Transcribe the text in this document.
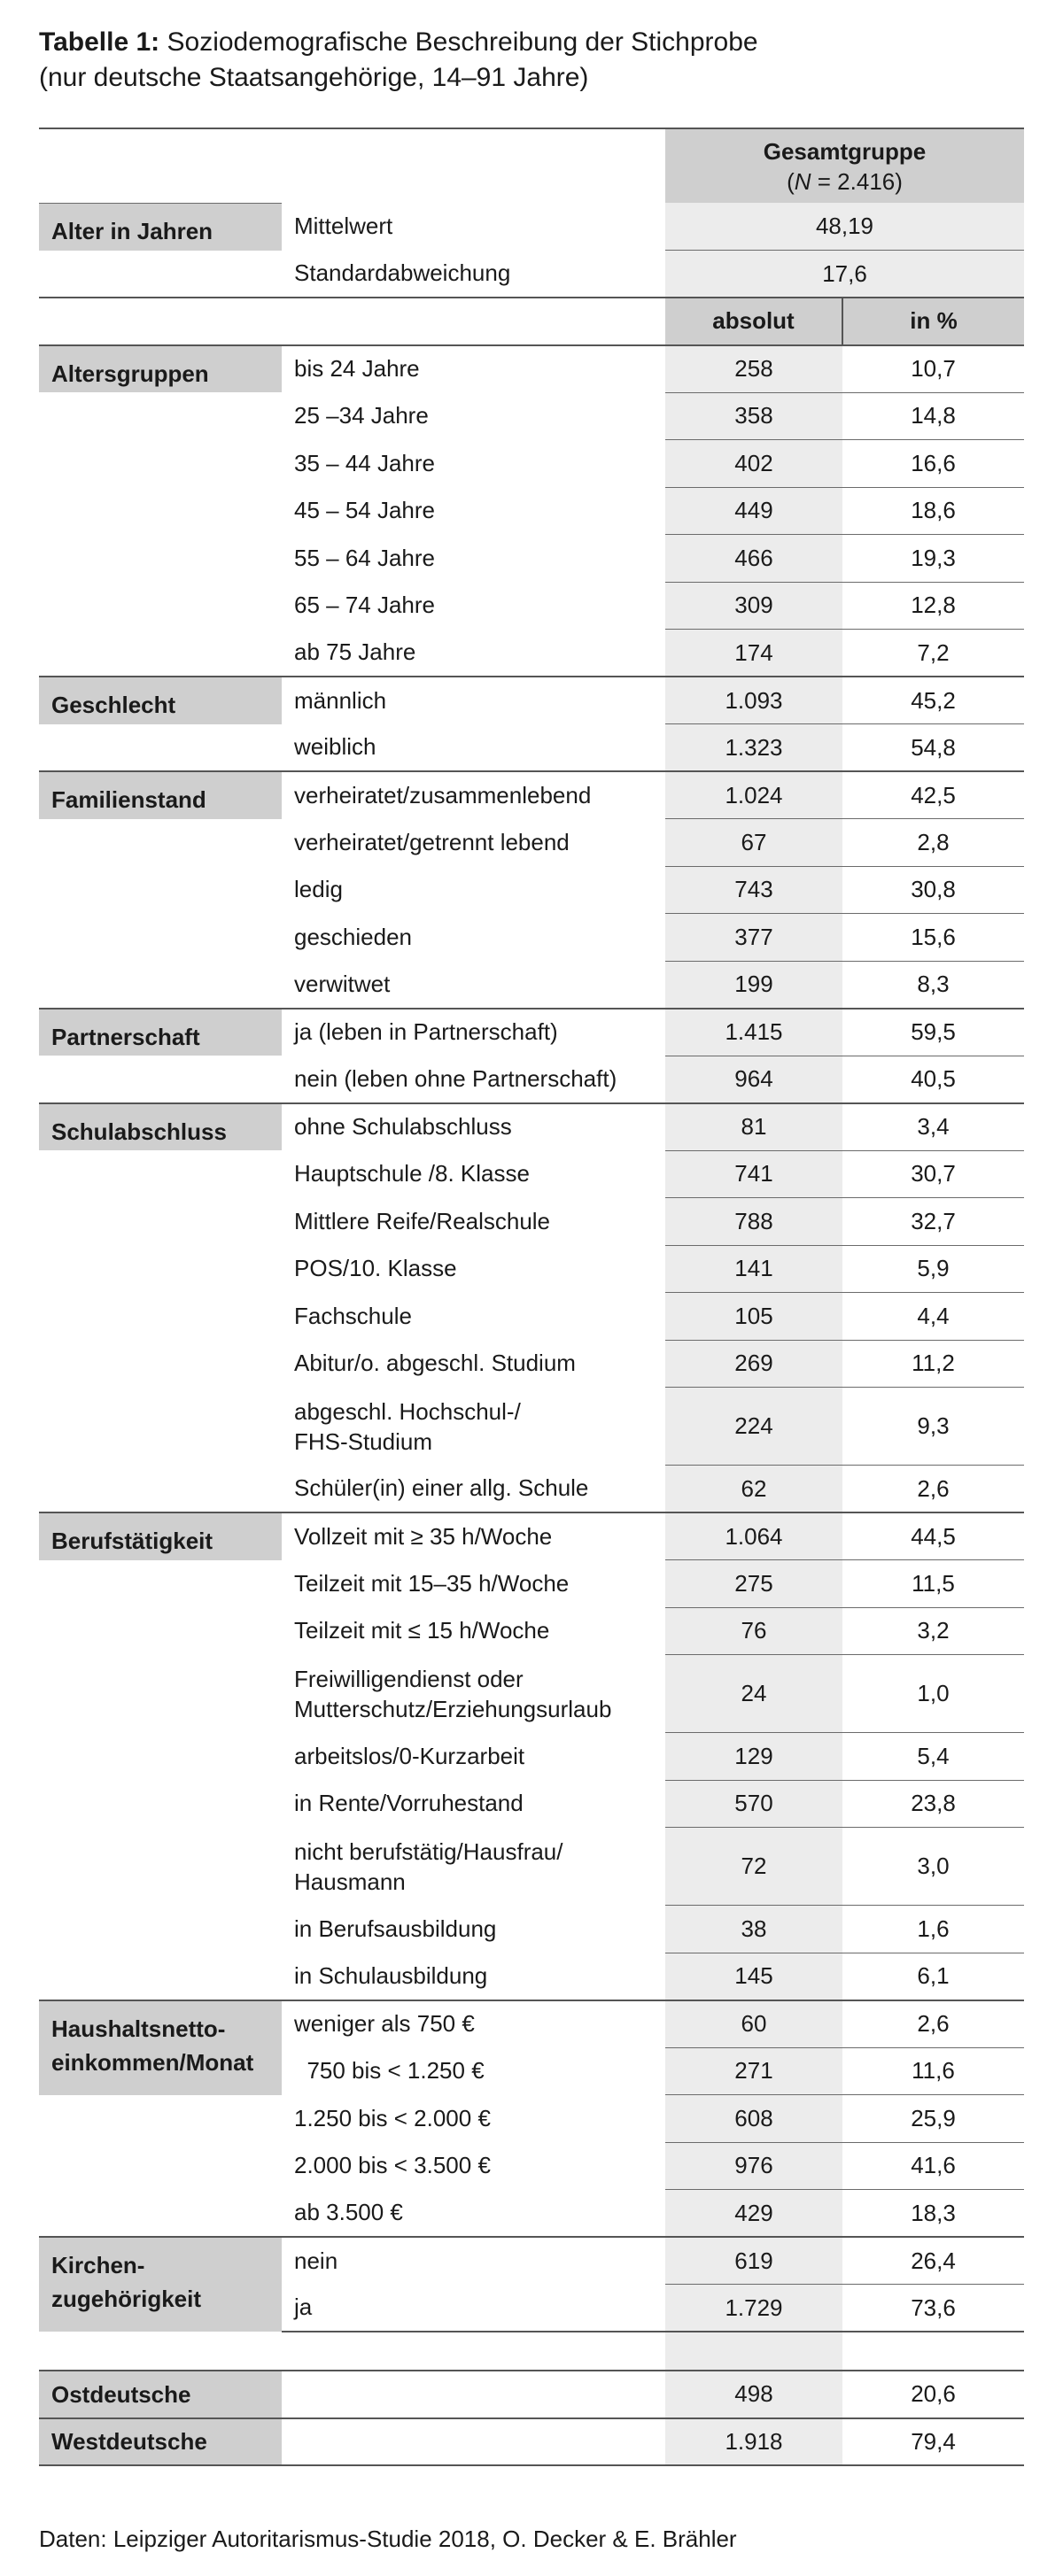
Tabelle 1: Soziodemografische Beschreibung der Stichprobe
(nur deutsche Staatsangehörige, 14–91 Jahre)

		Gesamtgruppe
(N = 2.416)	

Alter in Jahren	Mittelwert	48,19	
	Standardabweichung	17,6	
		absolut	in %

Altersgruppen	bis 24 Jahre	258	10,7

	25 –34 Jahre	358	14,8

	35 – 44 Jahre	402	16,6

	45 – 54 Jahre	449	18,6

	55 – 64 Jahre	466	19,3

	65 – 74 Jahre	309	12,8

	ab 75 Jahre	174	7,2

Geschlecht	männlich	1.093	45,2

	weiblich	1.323	54,8

Familienstand	verheiratet/zusammenlebend	1.024	42,5

	verheiratet/getrennt lebend	67	2,8

	ledig	743	30,8

	geschieden	377	15,6

	verwitwet	199	8,3

Partnerschaft	ja (leben in Partnerschaft)	1.415	59,5

	nein (leben ohne Partnerschaft)	964	40,5

Schulabschluss	ohne Schulabschluss	81	3,4

	Hauptschule /8. Klasse	741	30,7

	Mittlere Reife/Realschule	788	32,7

	POS/10. Klasse	141	5,9

	Fachschule	105	4,4

	Abitur/o. abgeschl. Studium	269	11,2

	abgeschl. Hochschul-/
FHS-Studium	224	9,3

	Schüler(in) einer allg. Schule	62	2,6

Berufstätigkeit	Vollzeit mit ≥ 35 h/Woche	1.064	44,5

	Teilzeit mit 15–35 h/Woche	275	11,5

	Teilzeit mit ≤ 15 h/Woche	76	3,2

	Freiwilligendienst oder
Mutterschutz/Erziehungsurlaub	24	1,0

	arbeitslos/0-Kurzarbeit	129	5,4

	in Rente/Vorruhestand	570	23,8

	nicht berufstätig/Hausfrau/
Hausmann	72	3,0

	in Berufsausbildung	38	1,6

	in Schulausbildung	145	6,1

Haushaltsnetto-
einkommen/Monat	weniger als 750 €	60	2,6

	750 bis < 1.250 €	271	11,6

	1.250 bis < 2.000 €	608	25,9

	2.000 bis < 3.500 €	976	41,6

	ab 3.500 €	429	18,3

Kirchen-
zugehörigkeit	nein	619	26,4

	ja	1.729	73,6

Ostdeutsche		498	20,6
Westdeutsche		1.918	79,4
Daten: Leipziger Autoritarismus-Studie 2018, O. Decker & E. Brähler
